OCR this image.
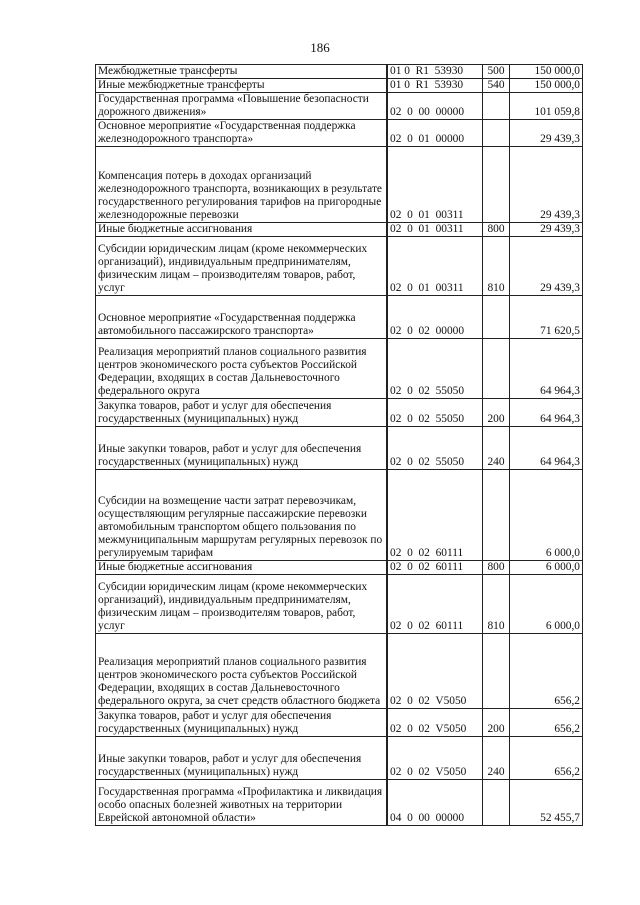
186
Межбюджетные трансферты	01 0  R1  53930	500	150 000,0
Иные межбюджетные трансферты	01 0  R1  53930	540	150 000,0
Государственная программа «Повышение безопасности дорожного движения»	02  0  00  00000		101 059,8
Основное мероприятие «Государственная поддержка железнодорожного транспорта»	02  0  01  00000		29 439,3
Компенсация потерь в доходах организаций железнодорожного транспорта, возникающих в результате государственного регулирования тарифов на пригородные железнодорожные перевозки	02  0  01  00311		29 439,3
Иные бюджетные ассигнования	02  0  01  00311	800	29 439,3
Субсидии юридическим лицам (кроме некоммерческих организаций), индивидуальным предпринимателям, физическим лицам – производителям товаров, работ, услуг	02  0  01  00311	810	29 439,3
Основное мероприятие «Государственная поддержка автомобильного пассажирского транспорта»	02  0  02  00000		71 620,5
Реализация мероприятий планов социального развития центров экономического роста субъектов Российской Федерации, входящих в состав Дальневосточного федерального округа	02  0  02  55050		64 964,3
Закупка товаров, работ и услуг для обеспечения государственных (муниципальных) нужд	02  0  02  55050	200	64 964,3
Иные закупки товаров, работ и услуг для обеспечения государственных (муниципальных) нужд	02  0  02  55050	240	64 964,3
Субсидии на возмещение части затрат перевозчикам, осуществляющим регулярные пассажирские перевозки автомобильным транспортом общего пользования по межмуниципальным маршрутам регулярных перевозок по регулируемым тарифам	02  0  02  60111		6 000,0
Иные бюджетные ассигнования	02  0  02  60111	800	6 000,0
Субсидии юридическим лицам (кроме некоммерческих организаций), индивидуальным предпринимателям, физическим лицам – производителям товаров, работ, услуг	02  0  02  60111	810	6 000,0
Реализация мероприятий планов социального развития центров экономического роста субъектов Российской Федерации, входящих в состав Дальневосточного федерального округа, за счет средств областного бюджета	02  0  02  V5050		656,2
Закупка товаров, работ и услуг для обеспечения государственных (муниципальных) нужд	02  0  02  V5050	200	656,2
Иные закупки товаров, работ и услуг для обеспечения государственных (муниципальных) нужд	02  0  02  V5050	240	656,2
Государственная программа «Профилактика и ликвидация особо опасных болезней животных на территории Еврейской автономной области»	04  0  00  00000		52 455,7
